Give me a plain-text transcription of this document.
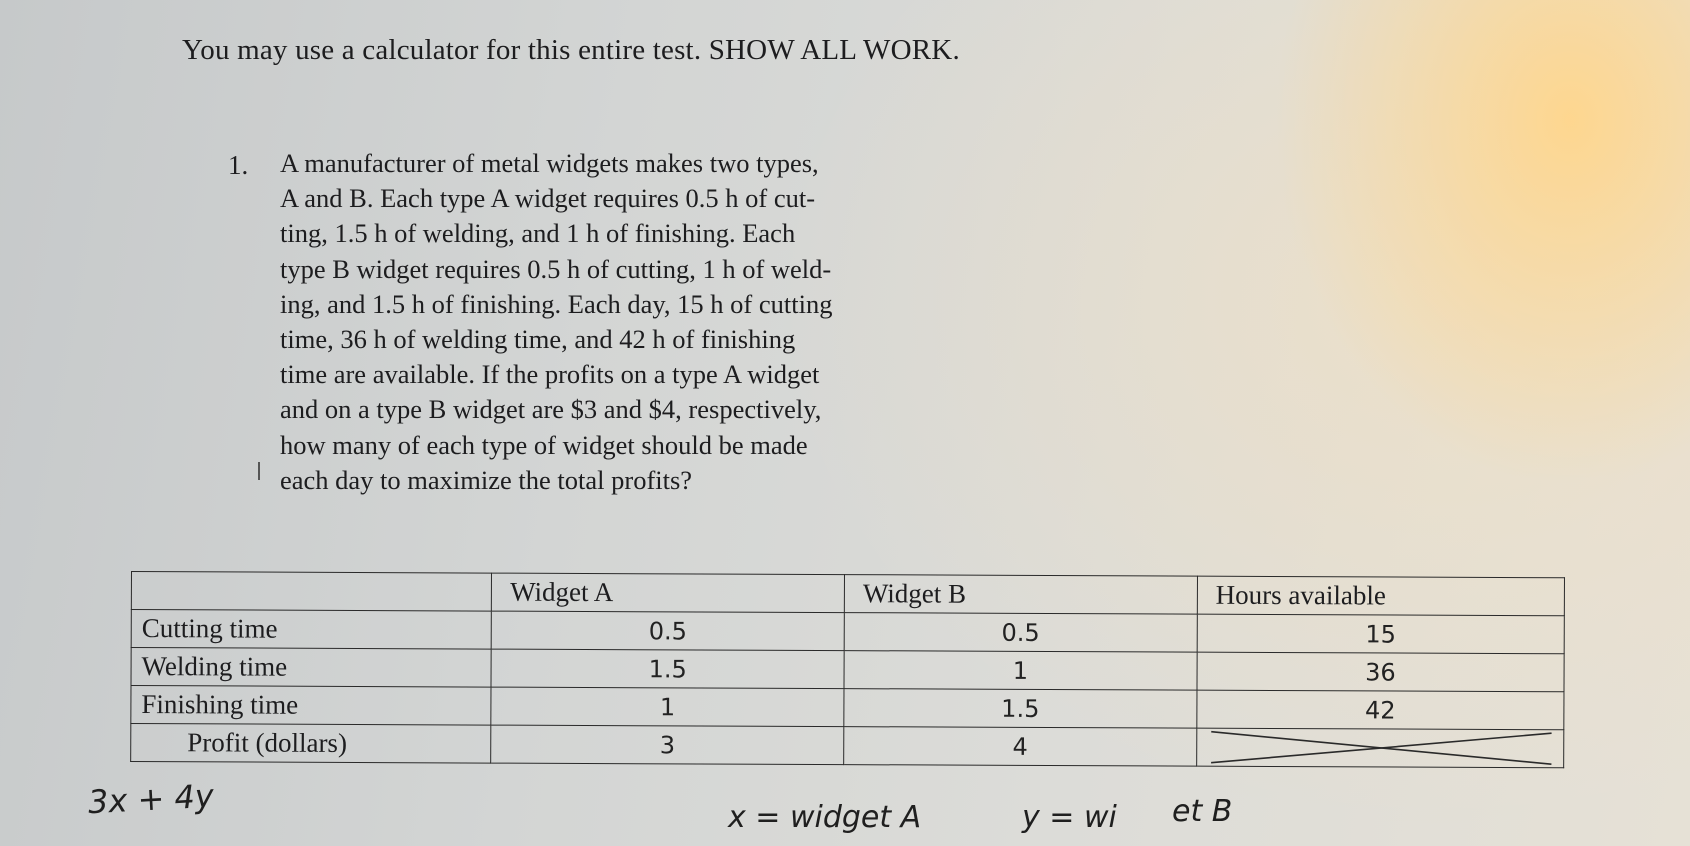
You may use a calculator for this entire test. SHOW ALL WORK.
1. A manufacturer of metal widgets makes two types,
A and B. Each type A widget requires 0.5 h of cut-
ting, 1.5 h of welding, and 1 h of finishing. Each
type B widget requires 0.5 h of cutting, 1 h of weld-
ing, and 1.5 h of finishing. Each day, 15 h of cutting
time, 36 h of welding time, and 42 h of finishing
time are available. If the profits on a type A widget
and on a type B widget are $3 and $4, respectively,
how many of each type of widget should be made
each day to maximize the total profits?
	Widget A	Widget B	Hours available
Cutting time	0.5	0.5	15
Welding time	1.5	1	36
Finishing time	1	1.5	42
Profit (dollars)	3	4	
3x + 4y	x = widget A	y = wi et B
